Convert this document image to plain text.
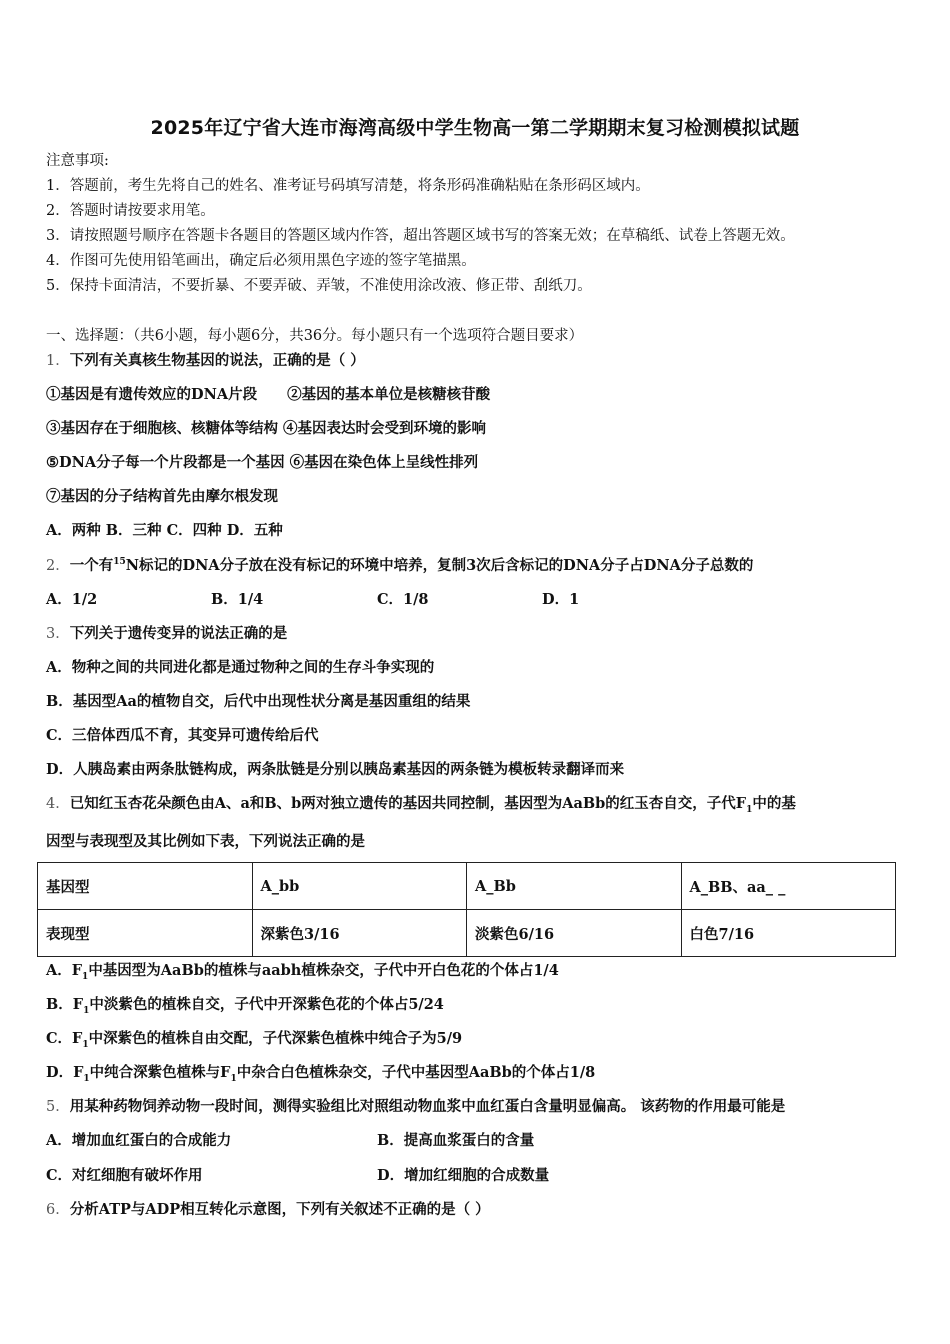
2025年辽宁省大连市海湾高级中学生物高一第二学期期末复习检测模拟试题
注意事项:
1．答题前，考生先将自己的姓名、准考证号码填写清楚，将条形码准确粘贴在条形码区域内。
2．答题时请按要求用笔。
3．请按照题号顺序在答题卡各题目的答题区域内作答，超出答题区域书写的答案无效；在草稿纸、试卷上答题无效。
4．作图可先使用铅笔画出，确定后必须用黑色字迹的签字笔描黑。
5．保持卡面清洁，不要折暴、不要弄破、弄皱，不准使用涂改液、修正带、刮纸刀。
一、选择题：（共6小题，每小题6分，共36分。每小题只有一个选项符合题目要求）
1．下列有关真核生物基因的说法，正确的是（ ）
①基因是有遗传效应的DNA片段 ②基因的基本单位是核糖核苷酸
③基因存在于细胞核、核糖体等结构 ④基因表达时会受到环境的影响
⑤DNA分子每一个片段都是一个基因 ⑥基因在染色体上呈线性排列
⑦基因的分子结构首先由摩尔根发现
A．两种 B．三种 C．四种 D．五种
2．一个有$^{15}$N标记的DNA分子放在没有标记的环境中培养，复制3次后含标记的DNA分子占DNA分子总数的
A．1/2	B．1/4	C．1/8	D．1
3．下列关于遗传变异的说法正确的是
A．物种之间的共同进化都是通过物种之间的生存斗争实现的
B．基因型Aa的植物自交，后代中出现性状分离是基因重组的结果
C．三倍体西瓜不育，其变异可遗传给后代
D．人胰岛素由两条肽链构成，两条肽链是分别以胰岛素基因的两条链为模板转录翻译而来
4．已知红玉杏花朵颜色由A、a和B、b两对独立遗传的基因共同控制，基因型为AaBb的红玉杏自交，子代$F_1$中的基
因型与表现型及其比例如下表，下列说法正确的是
基因型	A_bb	A_Bb	A_BB、aa_ _
表现型	深紫色3/16	淡紫色6/16	白色7/16
A．$F_1$中基因型为AaBb的植株与aabh植株杂交，子代中开白色花的个体占1/4
B．$F_1$中淡紫色的植株自交，子代中开深紫色花的个体占5/24
C．$F_1$中深紫色的植株自由交配，子代深紫色植株中纯合子为5/9
D．$F_1$中纯合深紫色植株与$F_1$中杂合白色植株杂交，子代中基因型AaBb的个体占1/8
5．用某种药物饲养动物一段时间，测得实验组比对照组动物血浆中血红蛋白含量明显偏高。 该药物的作用最可能是
A．增加血红蛋白的合成能力	B．提高血浆蛋白的含量
C．对红细胞有破坏作用	D．增加红细胞的合成数量
6．分析ATP与ADP相互转化示意图，下列有关叙述不正确的是（ ）
